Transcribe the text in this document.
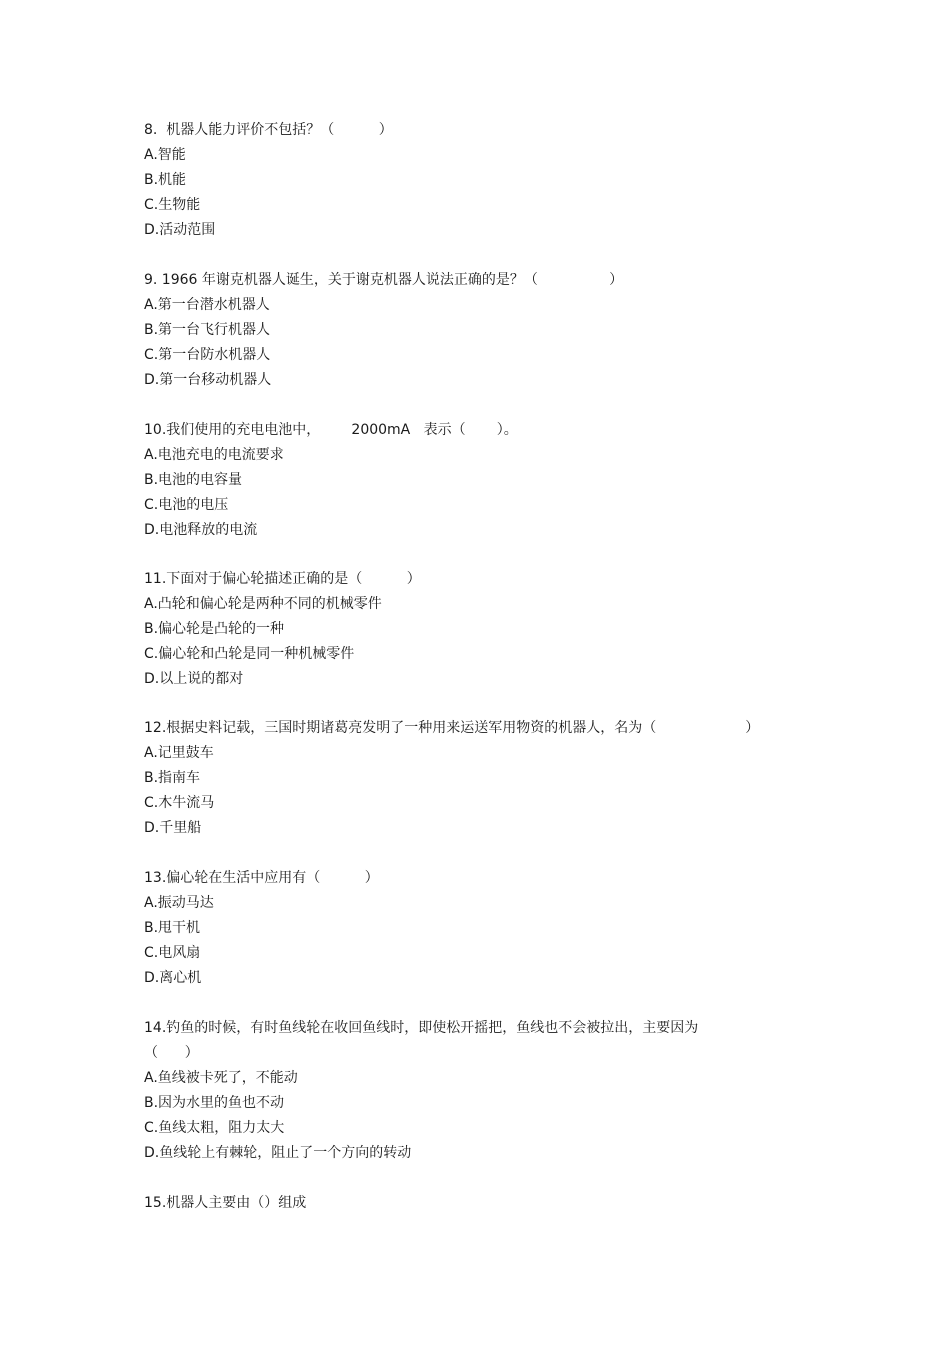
8.  机器人能力评价不包括？（          ）

A.智能

B.机能

C.生物能

D.活动范围

9. 1966 年谢克机器人诞生，关于谢克机器人说法正确的是？（                ）

A.第一台潜水机器人

B.第一台飞行机器人

C.第一台防水机器人

D.第一台移动机器人

10.我们使用的充电电池中，       2000mA   表示（       ）。

A.电池充电的电流要求

B.电池的电容量

C.电池的电压

D.电池释放的电流

11.下面对于偏心轮描述正确的是（          ）

A.凸轮和偏心轮是两种不同的机械零件

B.偏心轮是凸轮的一种

C.偏心轮和凸轮是同一种机械零件

D.以上说的都对

12.根据史料记载，三国时期诸葛亮发明了一种用来运送军用物资的机器人，名为（                    ）

A.记里鼓车

B.指南车

C.木牛流马

D.千里船

13.偏心轮在生活中应用有（          ）

A.振动马达

B.甩干机

C.电风扇

D.离心机

14.钓鱼的时候，有时鱼线轮在收回鱼线时，即使松开摇把，鱼线也不会被拉出，主要因为

（      ）

A.鱼线被卡死了，不能动

B.因为水里的鱼也不动

C.鱼线太粗，阻力太大

D.鱼线轮上有棘轮，阻止了一个方向的转动

15.机器人主要由（）组成
